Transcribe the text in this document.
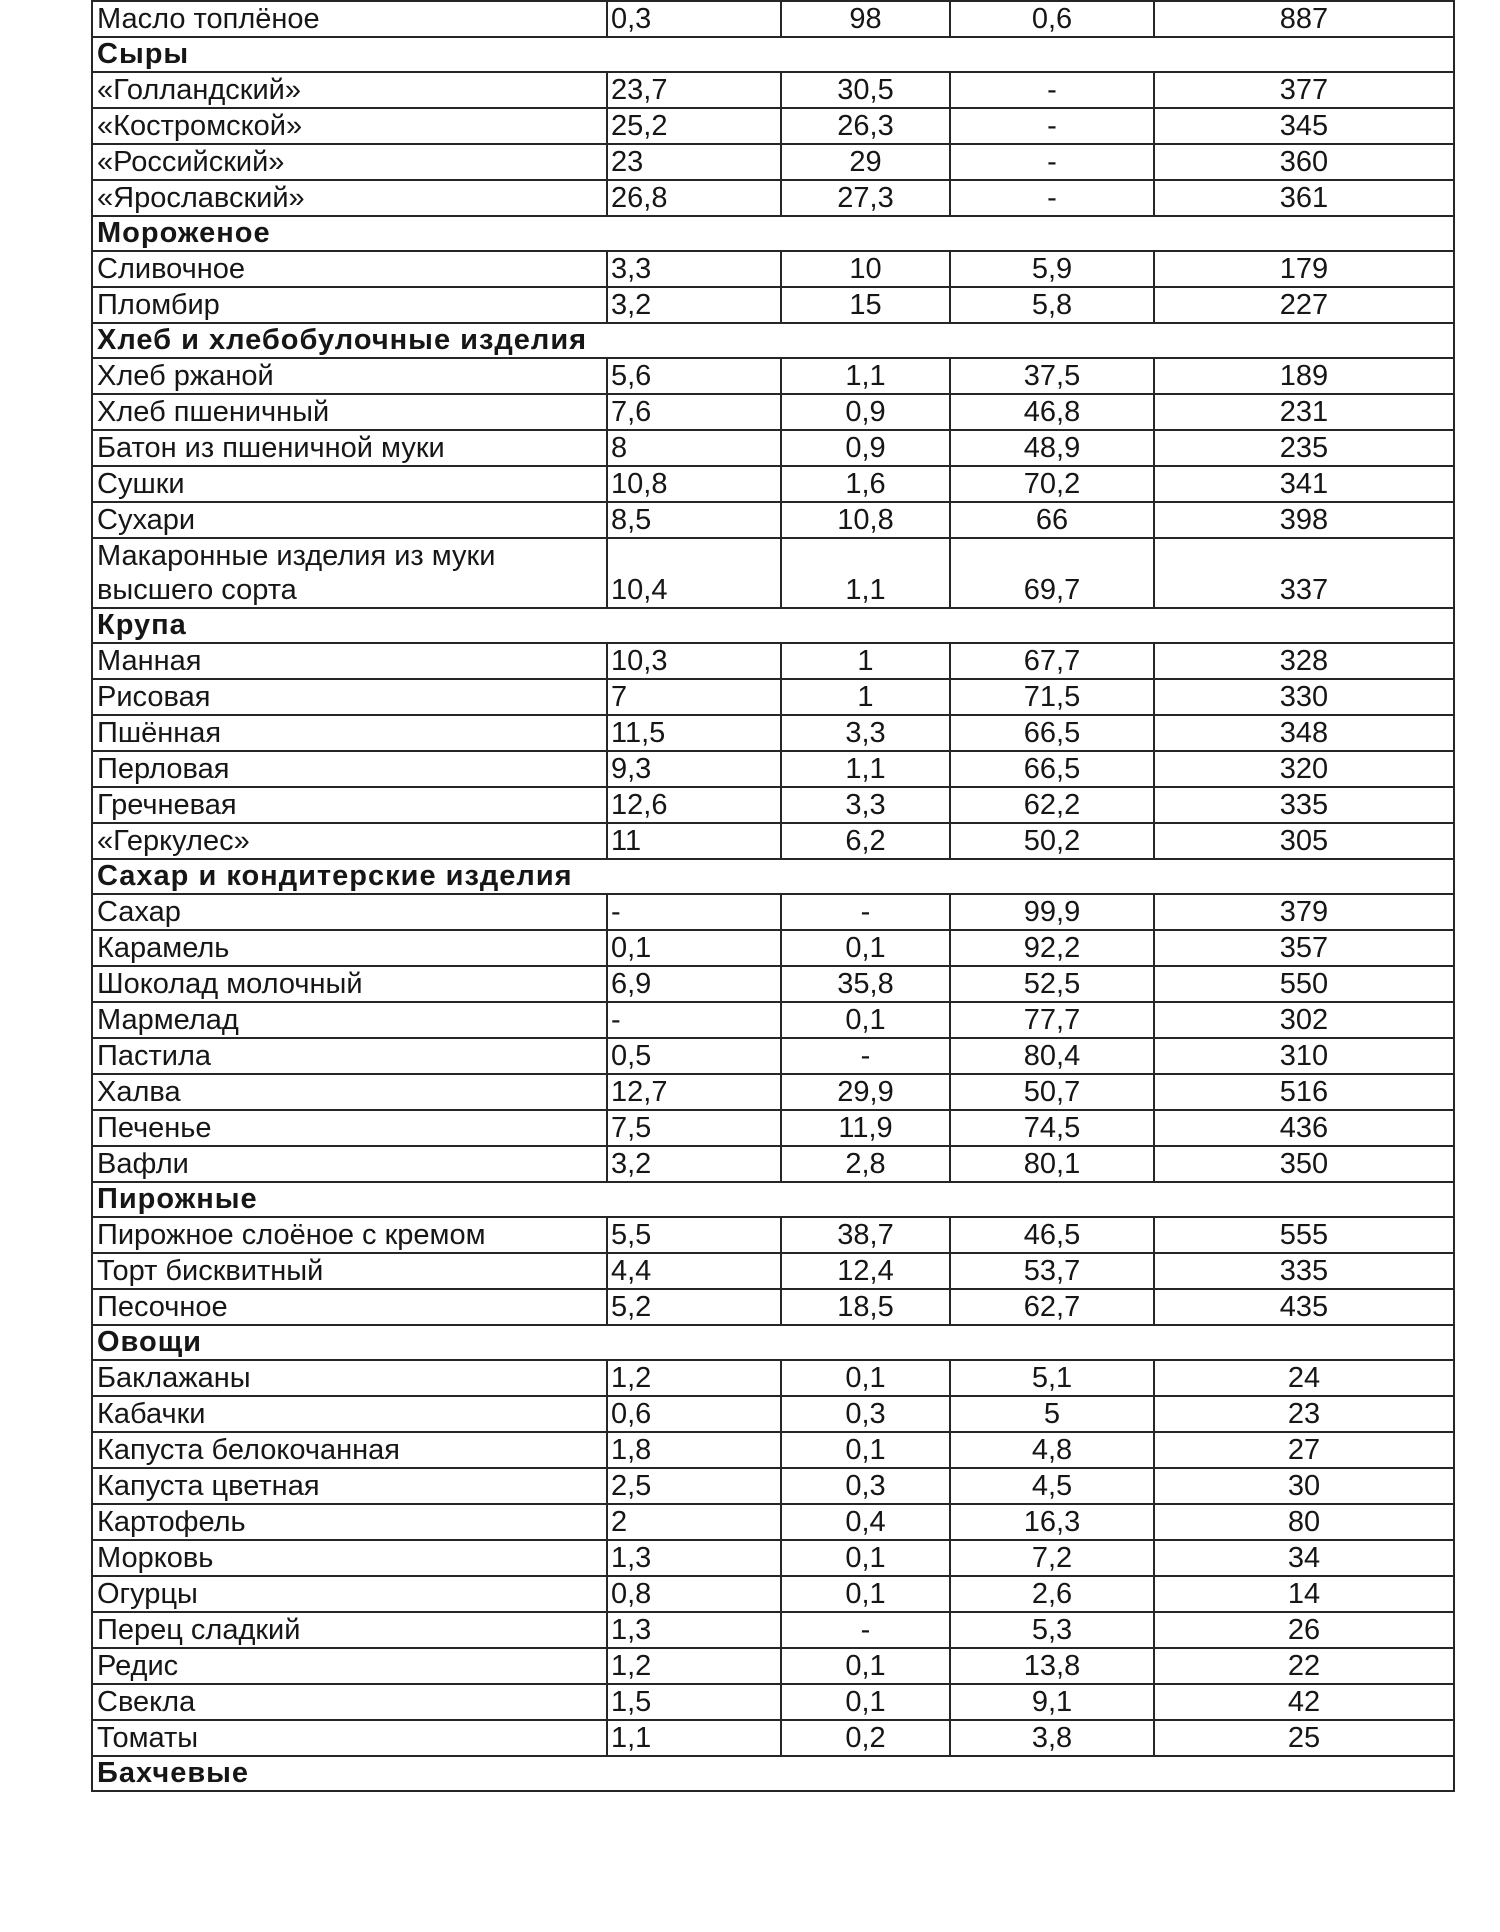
Масло топлёное	0,3	98	0,6	887
Сыры				
«Голландский»	23,7	30,5	-	377
«Костромской»	25,2	26,3	-	345
«Российский»	23	29	-	360
«Ярославский»	26,8	27,3	-	361
Мороженое				
Сливочное	3,3	10	5,9	179
Пломбир	3,2	15	5,8	227
Хлеб и хлебобулочные изделия				
Хлеб ржаной	5,6	1,1	37,5	189
Хлеб пшеничный	7,6	0,9	46,8	231
Батон из пшеничной муки	8	0,9	48,9	235
Сушки	10,8	1,6	70,2	341
Сухари	8,5	10,8	66	398
Макаронные изделия из муки высшего сорта	10,4	1,1	69,7	337
Крупа				
Манная	10,3	1	67,7	328
Рисовая	7	1	71,5	330
Пшённая	11,5	3,3	66,5	348
Перловая	9,3	1,1	66,5	320
Гречневая	12,6	3,3	62,2	335
«Геркулес»	11	6,2	50,2	305
Сахар и кондитерские изделия				
Сахар	-	-	99,9	379
Карамель	0,1	0,1	92,2	357
Шоколад молочный	6,9	35,8	52,5	550
Мармелад	-	0,1	77,7	302
Пастила	0,5	-	80,4	310
Халва	12,7	29,9	50,7	516
Печенье	7,5	11,9	74,5	436
Вафли	3,2	2,8	80,1	350
Пирожные				
Пирожное слоёное с кремом	5,5	38,7	46,5	555
Торт бисквитный	4,4	12,4	53,7	335
Песочное	5,2	18,5	62,7	435
Овощи				
Баклажаны	1,2	0,1	5,1	24
Кабачки	0,6	0,3	5	23
Капуста белокочанная	1,8	0,1	4,8	27
Капуста цветная	2,5	0,3	4,5	30
Картофель	2	0,4	16,3	80
Морковь	1,3	0,1	7,2	34
Огурцы	0,8	0,1	2,6	14
Перец сладкий	1,3	-	5,3	26
Редис	1,2	0,1	13,8	22
Свекла	1,5	0,1	9,1	42
Томаты	1,1	0,2	3,8	25
Бахчевые				
